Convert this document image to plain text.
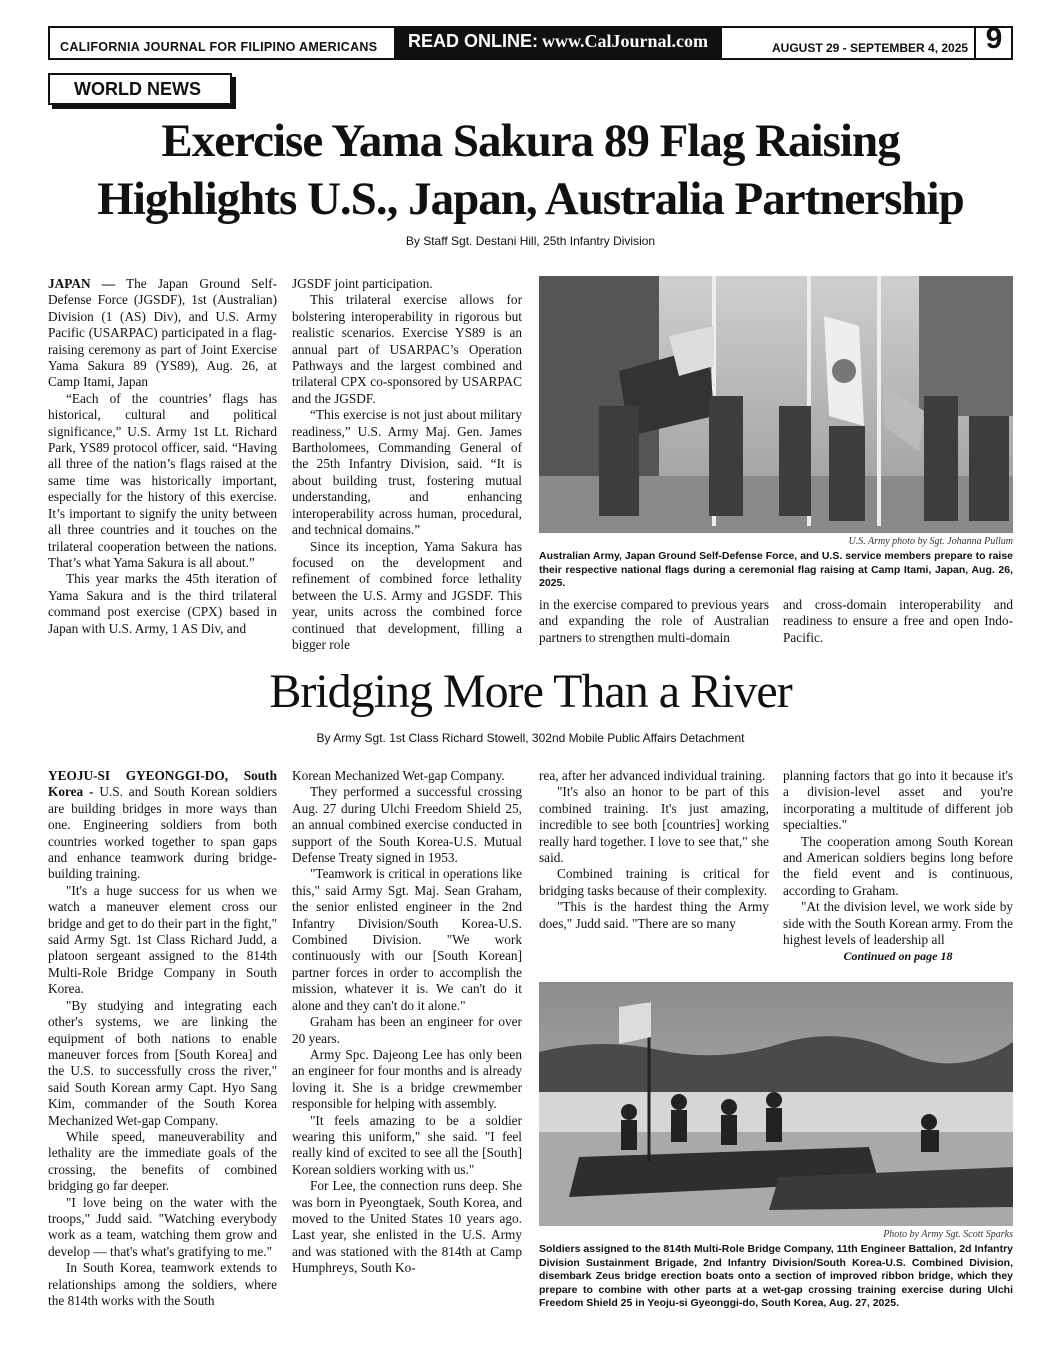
CALIFORNIA JOURNAL FOR FILIPINO AMERICANS	READ ONLINE: www.CalJournal.com	AUGUST 29 - SEPTEMBER 4, 2025 9
WORLD NEWS
Exercise Yama Sakura 89 Flag Raising
Highlights U.S., Japan, Australia Partnership
By Staff Sgt. Destani Hill, 25th Infantry Division

JAPAN — The Japan Ground Self-Defense Force (JGSDF), 1st (Australian) Division (1 (AS) Div), and U.S. Army Pacific (USARPAC) participated in a flag-raising ceremony as part of Joint Exercise Yama Sakura 89 (YS89), Aug. 26, at Camp Itami, Japan

“Each of the countries’ flags has historical, cultural and political significance,” U.S. Army 1st Lt. Richard Park, YS89 protocol officer, said. “Having all three of the nation’s flags raised at the same time was historically important, especially for the history of this exercise. It’s important to signify the unity between all three countries and it touches on the trilateral cooperation between the nations. That’s what Yama Sakura is all about.”

This year marks the 45th iteration of Yama Sakura and is the third trilateral command post exercise (CPX) based in Japan with U.S. Army, 1 AS Div, and

JGSDF joint participation.

This trilateral exercise allows for bolstering interoperability in rigorous but realistic scenarios. Exercise YS89 is an annual part of USARPAC’s Operation Pathways and the largest combined and trilateral CPX co-sponsored by USARPAC and the JGSDF.

“This exercise is not just about military readiness,” U.S. Army Maj. Gen. James Bartholomees, Commanding General of the 25th Infantry Division, said. “It is about building trust, fostering mutual understanding, and enhancing interoperability across human, procedural, and technical domains.”

Since its inception, Yama Sakura has focused on the development and refinement of combined force lethality between the U.S. Army and JGSDF. This year, units across the combined force continued that development, filling a bigger role

U.S. Army photo by Sgt. Johanna Pullum
Australian Army, Japan Ground Self-Defense Force, and U.S. service members prepare to raise their respective national flags during a ceremonial flag raising at Camp Itami, Japan, Aug. 26, 2025.

in the exercise compared to previous years and expanding the role of Australian partners to strengthen multi-domain

and cross-domain interoperability and readiness to ensure a free and open Indo-Pacific.

Bridging More Than a River
By Army Sgt. 1st Class Richard Stowell, 302nd Mobile Public Affairs Detachment

YEOJU-SI GYEONGGI-DO, South Korea - U.S. and South Korean soldiers are building bridges in more ways than one. Engineering soldiers from both countries worked together to span gaps and enhance teamwork during bridge-building training.

"It's a huge success for us when we watch a maneuver element cross our bridge and get to do their part in the fight," said Army Sgt. 1st Class Richard Judd, a platoon sergeant assigned to the 814th Multi-Role Bridge Company in South Korea.

"By studying and integrating each other's systems, we are linking the equipment of both nations to enable maneuver forces from [South Korea] and the U.S. to successfully cross the river," said South Korean army Capt. Hyo Sang Kim, commander of the South Korea Mechanized Wet-gap Company.

While speed, maneuverability and lethality are the immediate goals of the crossing, the benefits of combined bridging go far deeper.

"I love being on the water with the troops," Judd said. "Watching everybody work as a team, watching them grow and develop — that's what's gratifying to me."

In South Korea, teamwork extends to relationships among the soldiers, where the 814th works with the South

Korean Mechanized Wet-gap Company.

They performed a successful crossing Aug. 27 during Ulchi Freedom Shield 25, an annual combined exercise conducted in support of the South Korea-U.S. Mutual Defense Treaty signed in 1953.

"Teamwork is critical in operations like this," said Army Sgt. Maj. Sean Graham, the senior enlisted engineer in the 2nd Infantry Division/South Korea-U.S. Combined Division. "We work continuously with our [South Korean] partner forces in order to accomplish the mission, whatever it is. We can't do it alone and they can't do it alone."

Graham has been an engineer for over 20 years.

Army Spc. Dajeong Lee has only been an engineer for four months and is already loving it. She is a bridge crewmember responsible for helping with assembly.

"It feels amazing to be a soldier wearing this uniform," she said. "I feel really kind of excited to see all the [South] Korean soldiers working with us."

For Lee, the connection runs deep. She was born in Pyeongtaek, South Korea, and moved to the United States 10 years ago. Last year, she enlisted in the U.S. Army and was stationed with the 814th at Camp Humphreys, South Ko-

rea, after her advanced individual training.

"It's also an honor to be part of this combined training. It's just amazing, incredible to see both [countries] working really hard together. I love to see that," she said.

Combined training is critical for bridging tasks because of their complexity.

"This is the hardest thing the Army does," Judd said. "There are so many

planning factors that go into it because it's a division-level asset and you're incorporating a multitude of different job specialties."

The cooperation among South Korean and American soldiers begins long before the field event and is continuous, according to Graham.

"At the division level, we work side by side with the South Korean army. From the highest levels of leadership all

Continued on page 18
Photo by Army Sgt. Scott Sparks
Soldiers assigned to the 814th Multi-Role Bridge Company, 11th Engineer Battalion, 2d Infantry Division Sustainment Brigade, 2nd Infantry Division/South Korea-U.S. Combined Division, disembark Zeus bridge erection boats onto a section of improved ribbon bridge, which they prepare to combine with other parts at a wet-gap crossing training exercise during Ulchi Freedom Shield 25 in Yeoju-si Gyeonggi-do, South Korea, Aug. 27, 2025.
